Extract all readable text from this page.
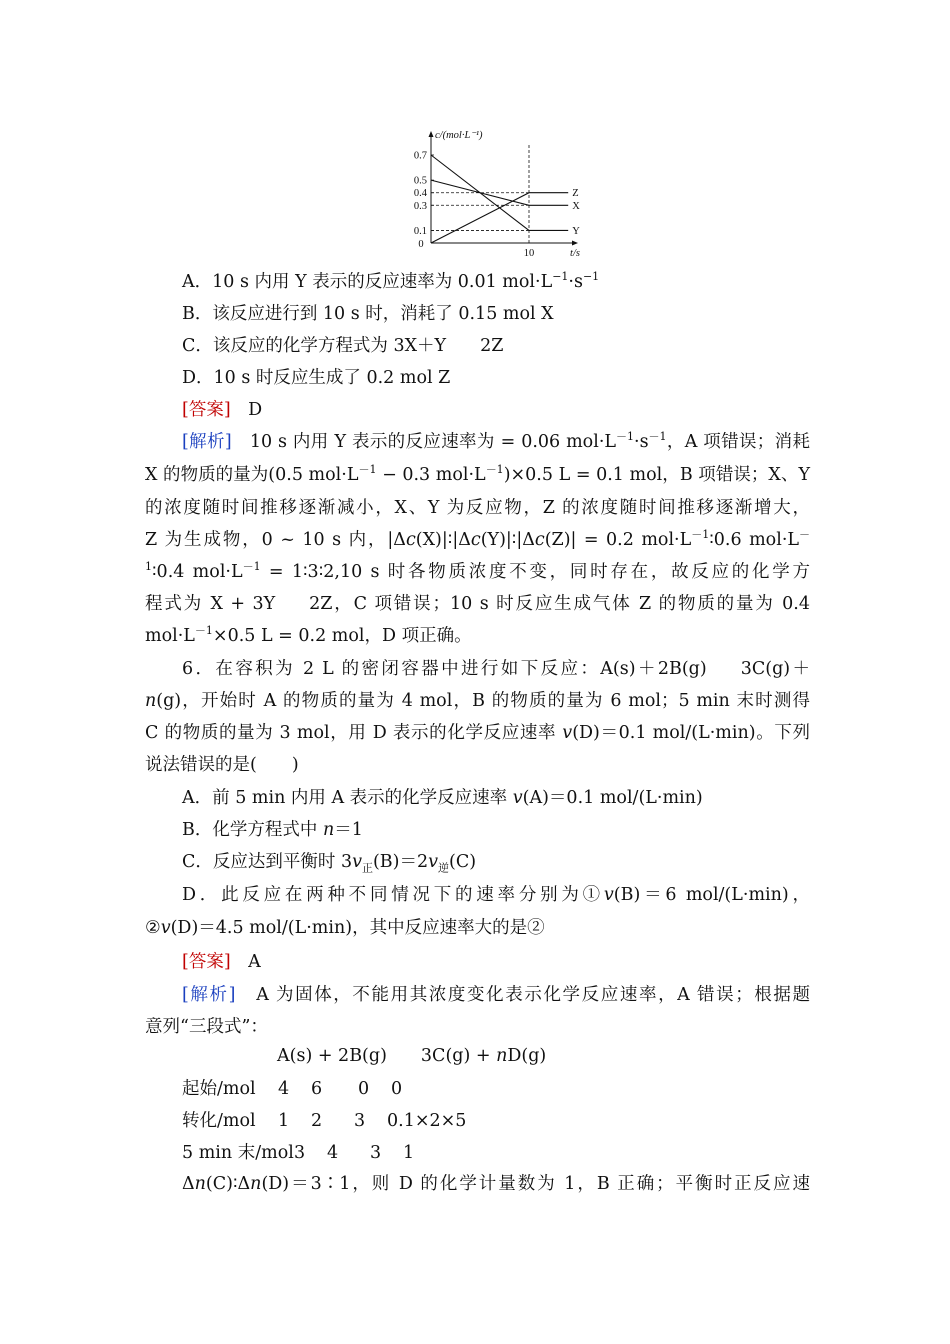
0.7
0.5
0.4
0.3
0.1
0
10
c/(mol·L⁻¹)
t/s
Z
X
Y
A．10 s 内用 Y 表示的反应速率为 0.01 $mol\cdot L^{-1}\cdot s^{-1}$
B．该反应进行到 10 s 时，消耗了 0.15 mol X
C．该反应的化学方程式为 3X＋Y 2Z
D．10 s 时反应生成了 0.2 mol Z
[答案]　 D
[解析]　 10 s 内用 Y 表示的反应速率为 = 0.06 $mol\cdot L^{-1}\cdot s^{-1}$，A 项错误；消耗
X 的物质的量为(0.5 $mol\cdot L^{-1} - 0.3$ $mol\cdot L^{-1})\times 0.5$ L = 0.1 mol，B 项错误；X、Y
的浓度随时间推移逐渐减小，X、Y 为反应物，Z 的浓度随时间推移逐渐增大，
Z 为生成物，0 ~ 10 s 内，|Δc(X)|∶|Δc(Y)|∶|Δc(Z)| = 0.2 $mol\cdot L^{-1}∶0.6$ mol·L－
$^1$∶0.4 $mol\cdot L^{-1}$ = 1∶3∶2,10 s 时各物质浓度不变，同时存在，故反应的化学方
程式为 X + 3Y 2Z，C 项错误；10 s 时反应生成气体 Z 的物质的量为 0.4
$mol\cdot L^{-1}\times 0.5$ L = 0.2 mol，D 项正确。
6．在容积为 2 L 的密闭容器中进行如下反应：A(s)＋2B(g) 3C(g)＋
n(g)，开始时 A 的物质的量为 4 mol，B 的物质的量为 6 mol；5 min 末时测得
C 的物质的量为 3 mol，用 D 表示的化学反应速率 v(D)＝0.1 mol/(L·min)。下列
说法错误的是(　　)
A．前 5 min 内用 A 表示的化学反应速率 v(A)＝0.1 mol/(L·min)
B．化学方程式中 n＝1
C．反应达到平衡时 $3v_正(B)=2v_逆(C)$
D．此反应在两种不同情况下的速率分别为①v(B)＝6 mol/(L·min)，
②v(D)＝4.5 mol/(L·min)，其中反应速率大的是②
[答案]　 A
[解析]　 A 为固体，不能用其浓度变化表示化学反应速率，A 错误；根据题
意列“三段式”：
A(s) + 2B(g) 3C(g) + nD(g)
起始/mol 4 6 0 0
转化/mol 1 2 3 0.1×2×5
5 min 末/mol3 4 3 1
Δn(C)∶Δn(D)＝3∶1，则 D 的化学计量数为 1，B 正确；平衡时正反应速
